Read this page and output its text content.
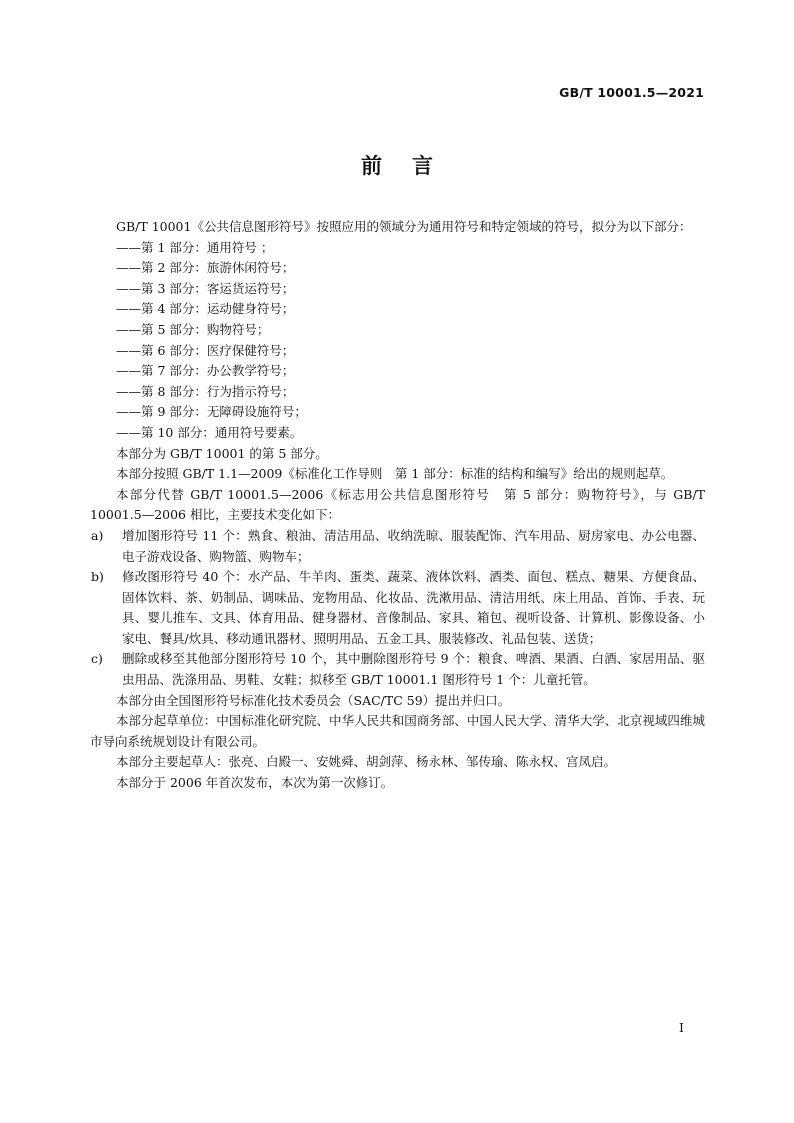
GB/T 10001.5—2021
前言

GB/T 10001《公共信息图形符号》按照应用的领域分为通用符号和特定领域的符号，拟分为以下部分：

——第 1 部分：通用符号 ；

——第 2 部分：旅游休闲符号；

——第 3 部分：客运货运符号；

——第 4 部分：运动健身符号；

——第 5 部分：购物符号；

——第 6 部分：医疗保健符号；

——第 7 部分：办公教学符号；

——第 8 部分：行为指示符号；

——第 9 部分：无障碍设施符号；

——第 10 部分：通用符号要素。

本部分为 GB/T 10001 的第 5 部分。

本部分按照 GB/T 1.1—2009《标准化工作导则　第 1 部分：标准的结构和编写》给出的规则起草。

本部分代替 GB/T 10001.5—2006《标志用公共信息图形符号　第 5 部分：购物符号》，与 GB/T 10001.5—2006 相比，主要技术变化如下：

a)	增加图形符号 11 个：熟食、粮油、清洁用品、收纳洗晾、服装配饰、汽车用品、厨房家电、办公电器、电子游戏设备、购物篮、购物车；
b)	修改图形符号 40 个：水产品、牛羊肉、蛋类、蔬菜、液体饮料、酒类、面包、糕点、糖果、方便食品、固体饮料、茶、奶制品、调味品、宠物用品、化妆品、洗漱用品、清洁用纸、床上用品、首饰、手表、玩具、婴儿推车、文具、体育用品、健身器材、音像制品、家具、箱包、视听设备、计算机、影像设备、小家电、餐具/炊具、移动通讯器材、照明用品、五金工具、服装修改、礼品包装、送货；
c)	删除或移至其他部分图形符号 10 个，其中删除图形符号 9 个：粮食、啤酒、果酒、白酒、家居用品、驱虫用品、洗涤用品、男鞋、女鞋；拟移至 GB/T 10001.1 图形符号 1 个：儿童托管。

本部分由全国图形符号标准化技术委员会（SAC/TC 59）提出并归口。

本部分起草单位：中国标准化研究院、中华人民共和国商务部、中国人民大学、清华大学、北京视域四维城市导向系统规划设计有限公司。

本部分主要起草人：张亮、白殿一、安姚舜、胡剑萍、杨永林、邹传瑜、陈永权、宫凤启。

本部分于 2006 年首次发布，本次为第一次修订。

I
